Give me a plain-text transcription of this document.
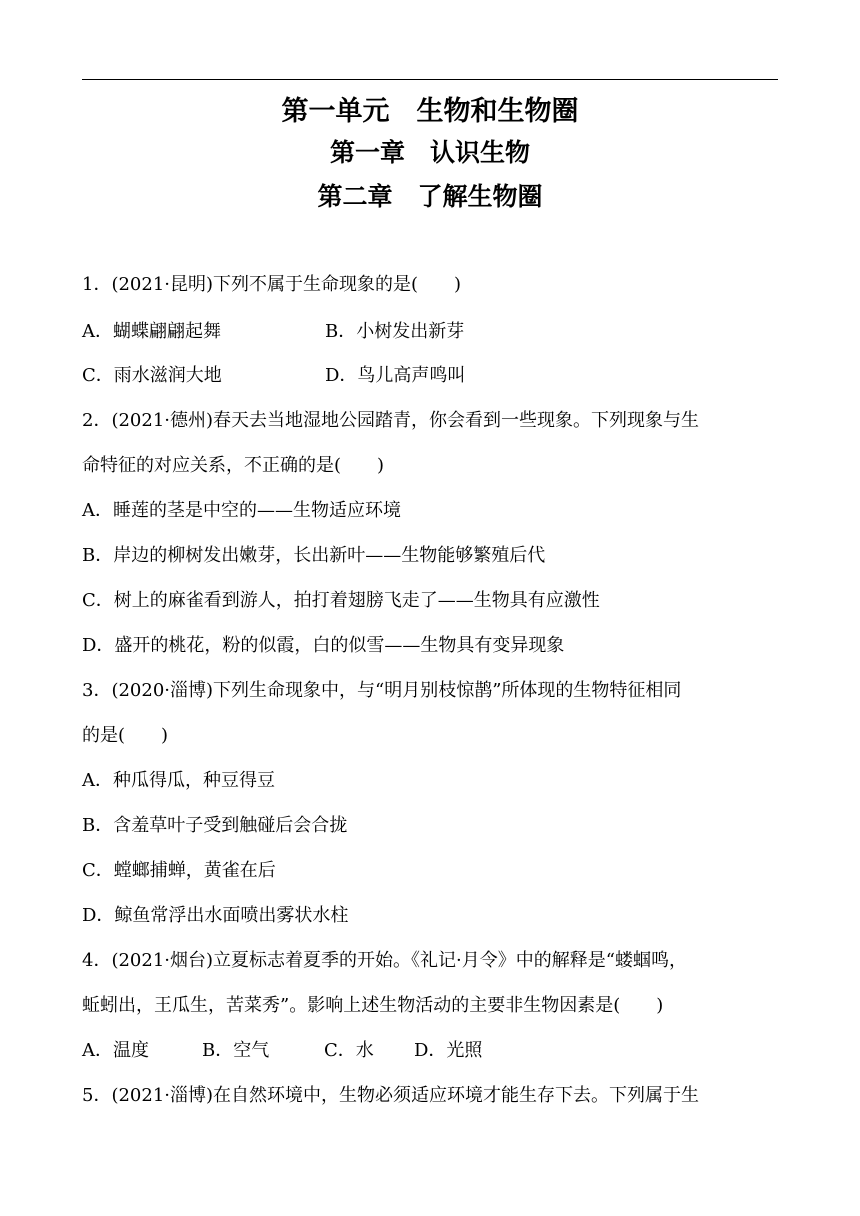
第一单元　生物和生物圈
第一章　认识生物
第二章　了解生物圈
1．(2021·昆明)下列不属于生命现象的是(　　)
A．蝴蝶翩翩起舞	B．小树发出新芽
C．雨水滋润大地	D．鸟儿高声鸣叫
2．(2021·德州)春天去当地湿地公园踏青，你会看到一些现象。下列现象与生
命特征的对应关系，不正确的是(　　)
A．睡莲的茎是中空的——生物适应环境
B．岸边的柳树发出嫩芽，长出新叶——生物能够繁殖后代
C．树上的麻雀看到游人，拍打着翅膀飞走了——生物具有应激性
D．盛开的桃花，粉的似霞，白的似雪——生物具有变异现象
3．(2020·淄博)下列生命现象中，与“明月别枝惊鹊”所体现的生物特征相同
的是(　　)
A．种瓜得瓜，种豆得豆
B．含羞草叶子受到触碰后会合拢
C．螳螂捕蝉，黄雀在后
D．鲸鱼常浮出水面喷出雾状水柱
4．(2021·烟台)立夏标志着夏季的开始。《礼记·月令》中的解释是“蝼蝈鸣，
蚯蚓出，王瓜生，苦菜秀”。影响上述生物活动的主要非生物因素是(　　)
A．温度	B．空气	C．水 D．光照
5．(2021·淄博)在自然环境中，生物必须适应环境才能生存下去。下列属于生
